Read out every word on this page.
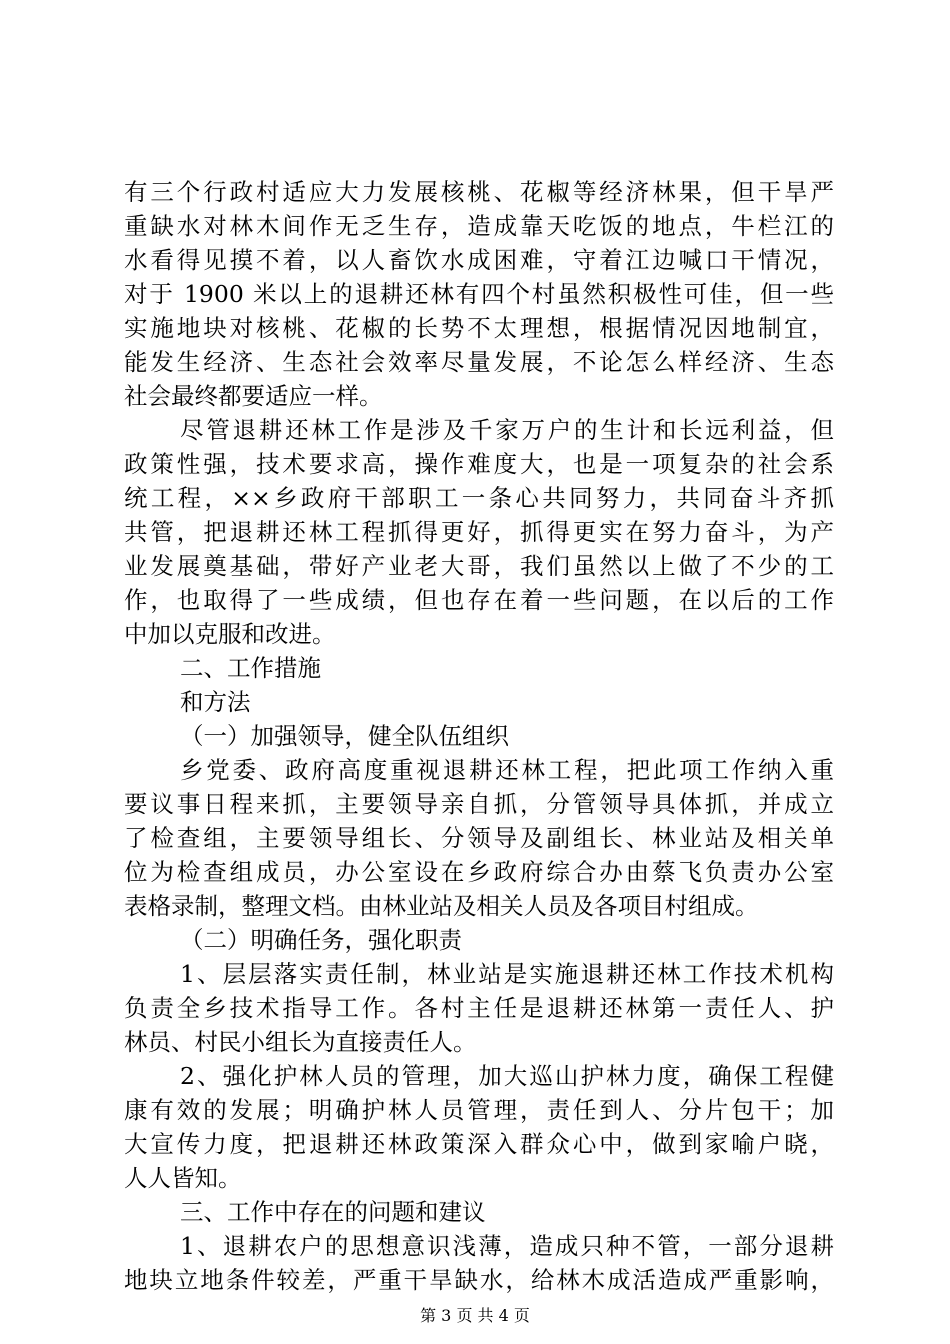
有三个行政村适应大力发展核桃、花椒等经济林果，但干旱严
重缺水对林木间作无乏生存，造成靠天吃饭的地点，牛栏江的
水看得见摸不着，以人畜饮水成困难，守着江边喊口干情况，
对于 1900 米以上的退耕还林有四个村虽然积极性可佳，但一些
实施地块对核桃、花椒的长势不太理想，根据情况因地制宜，
能发生经济、生态社会效率尽量发展，不论怎么样经济、生态
社会最终都要适应一样。
尽管退耕还林工作是涉及千家万户的生计和长远利益，但
政策性强，技术要求高，操作难度大，也是一项复杂的社会系
统工程，××乡政府干部职工一条心共同努力，共同奋斗齐抓
共管，把退耕还林工程抓得更好，抓得更实在努力奋斗，为产
业发展奠基础，带好产业老大哥，我们虽然以上做了不少的工
作，也取得了一些成绩，但也存在着一些问题，在以后的工作
中加以克服和改进。
二、工作措施
和方法
（一）加强领导，健全队伍组织
乡党委、政府高度重视退耕还林工程，把此项工作纳入重
要议事日程来抓，主要领导亲自抓，分管领导具体抓，并成立
了检查组，主要领导组长、分领导及副组长、林业站及相关单
位为检查组成员，办公室设在乡政府综合办由蔡飞负责办公室
表格录制，整理文档。由林业站及相关人员及各项目村组成。
（二）明确任务，强化职责
1、层层落实责任制，林业站是实施退耕还林工作技术机构
负责全乡技术指导工作。各村主任是退耕还林第一责任人、护
林员、村民小组长为直接责任人。
2、强化护林人员的管理，加大巡山护林力度，确保工程健
康有效的发展；明确护林人员管理，责任到人、分片包干；加
大宣传力度，把退耕还林政策深入群众心中，做到家喻户晓，
人人皆知。
三、工作中存在的问题和建议
1、退耕农户的思想意识浅薄，造成只种不管，一部分退耕
地块立地条件较差，严重干旱缺水，给林木成活造成严重影响，
第 3 页 共 4 页
